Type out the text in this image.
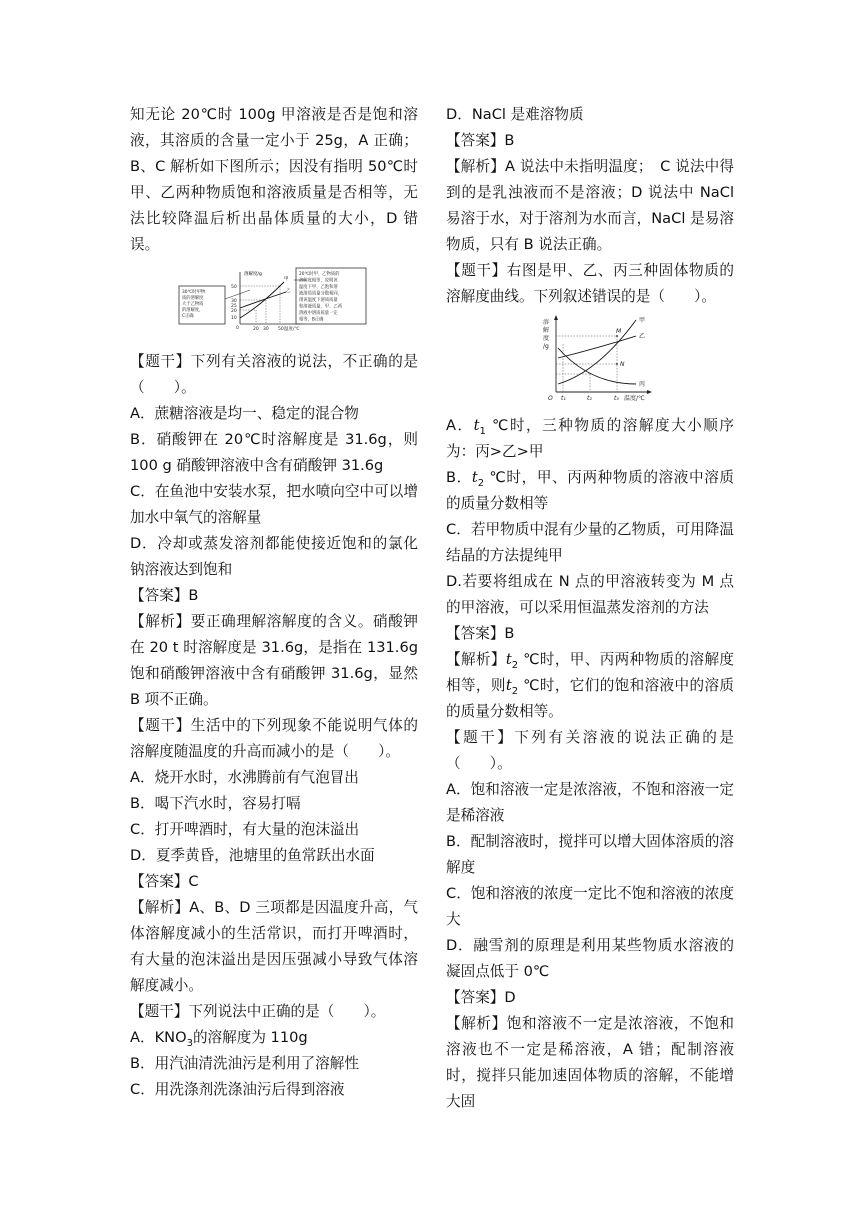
知无论 20℃时 100g 甲溶液是否是饱和溶液，其溶质的含量一定小于 25g，A 正确；B、C 解析如下图所示；因没有指明 50℃时甲、乙两种物质饱和溶液质量是否相等，无法比较降温后析出晶体质量的大小，D 错误。

30℃时甲物
质的溶解度
大于乙物质
的溶解度，
C正确
溶解度/g
50
30
25
20
10
0	20 30 50 温度/℃
甲
乙
20℃时甲、乙物质的
溶解度相等，说明该
温度下甲、乙饱和溶
液溶质质量分数相同，
削该温度下溶质质量
和溶液质量，甲、乙两
溶液中溶质质量一定
相等，B正确

【题干】下列有关溶液的说法，不正确的是（　　）。

A．蔗糖溶液是均一、稳定的混合物

B．硝酸钾在 20℃时溶解度是 31.6g，则 100 g 硝酸钾溶液中含有硝酸钾 31.6g

C．在鱼池中安装水泵，把水喷向空中可以增加水中氧气的溶解量

D．冷却或蒸发溶剂都能使接近饱和的氯化钠溶液达到饱和

【答案】B

【解析】要正确理解溶解度的含义。硝酸钾在 20 t 时溶解度是 31.6g，是指在 131.6g 饱和硝酸钾溶液中含有硝酸钾 31.6g，显然 B 项不正确。

【题干】生活中的下列现象不能说明气体的溶解度随温度的升高而减小的是（　　）。

A．烧开水时，水沸腾前有气泡冒出

B．喝下汽水时，容易打嗝

C．打开啤酒时，有大量的泡沫溢出

D．夏季黄昏，池塘里的鱼常跃出水面

【答案】C

【解析】A、B、D 三项都是因温度升高，气体溶解度减小的生活常识，而打开啤酒时，有大量的泡沫溢出是因压强减小导致气体溶解度减小。

【题干】下列说法中正确的是（　　）。

A．$KNO_3$的溶解度为 110g

B．用汽油清洗油污是利用了溶解性

C．用洗涤剂洗涤油污后得到溶液

D．NaCl 是难溶物质

【答案】B

【解析】A 说法中未指明温度；　C 说法中得到的是乳浊液而不是溶液；D 说法中 NaCl 易溶于水，对于溶剂为水而言，NaCl 是易溶物质，只有 B 说法正确。

【题干】右图是甲、乙、丙三种固体物质的溶解度曲线。下列叙述错误的是（　　）。

溶
解
度
/g
O t₁	t₂	t₃ 温度/℃
甲
乙
丙
M
N

A．$t_1$ ℃时，三种物质的溶解度大小顺序为：丙>乙>甲

B．$t_2$ ℃时，甲、丙两种物质的溶液中溶质的质量分数相等

C．若甲物质中混有少量的乙物质，可用降温结晶的方法提纯甲

D.若要将组成在 N 点的甲溶液转变为 M 点的甲溶液，可以采用恒温蒸发溶剂的方法

【答案】B

【解析】$t_2$ ℃时，甲、丙两种物质的溶解度相等，则$t_2$ ℃时，它们的饱和溶液中的溶质的质量分数相等。

【题干】下列有关溶液的说法正确的是（　　）。

A．饱和溶液一定是浓溶液，不饱和溶液一定是稀溶液

B．配制溶液时，搅拌可以增大固体溶质的溶解度

C．饱和溶液的浓度一定比不饱和溶液的浓度大

D．融雪剂的原理是利用某些物质水溶液的凝固点低于 0℃

【答案】D

【解析】饱和溶液不一定是浓溶液，不饱和溶液也不一定是稀溶液，A 错；配制溶液时，搅拌只能加速固体物质的溶解，不能增大固
